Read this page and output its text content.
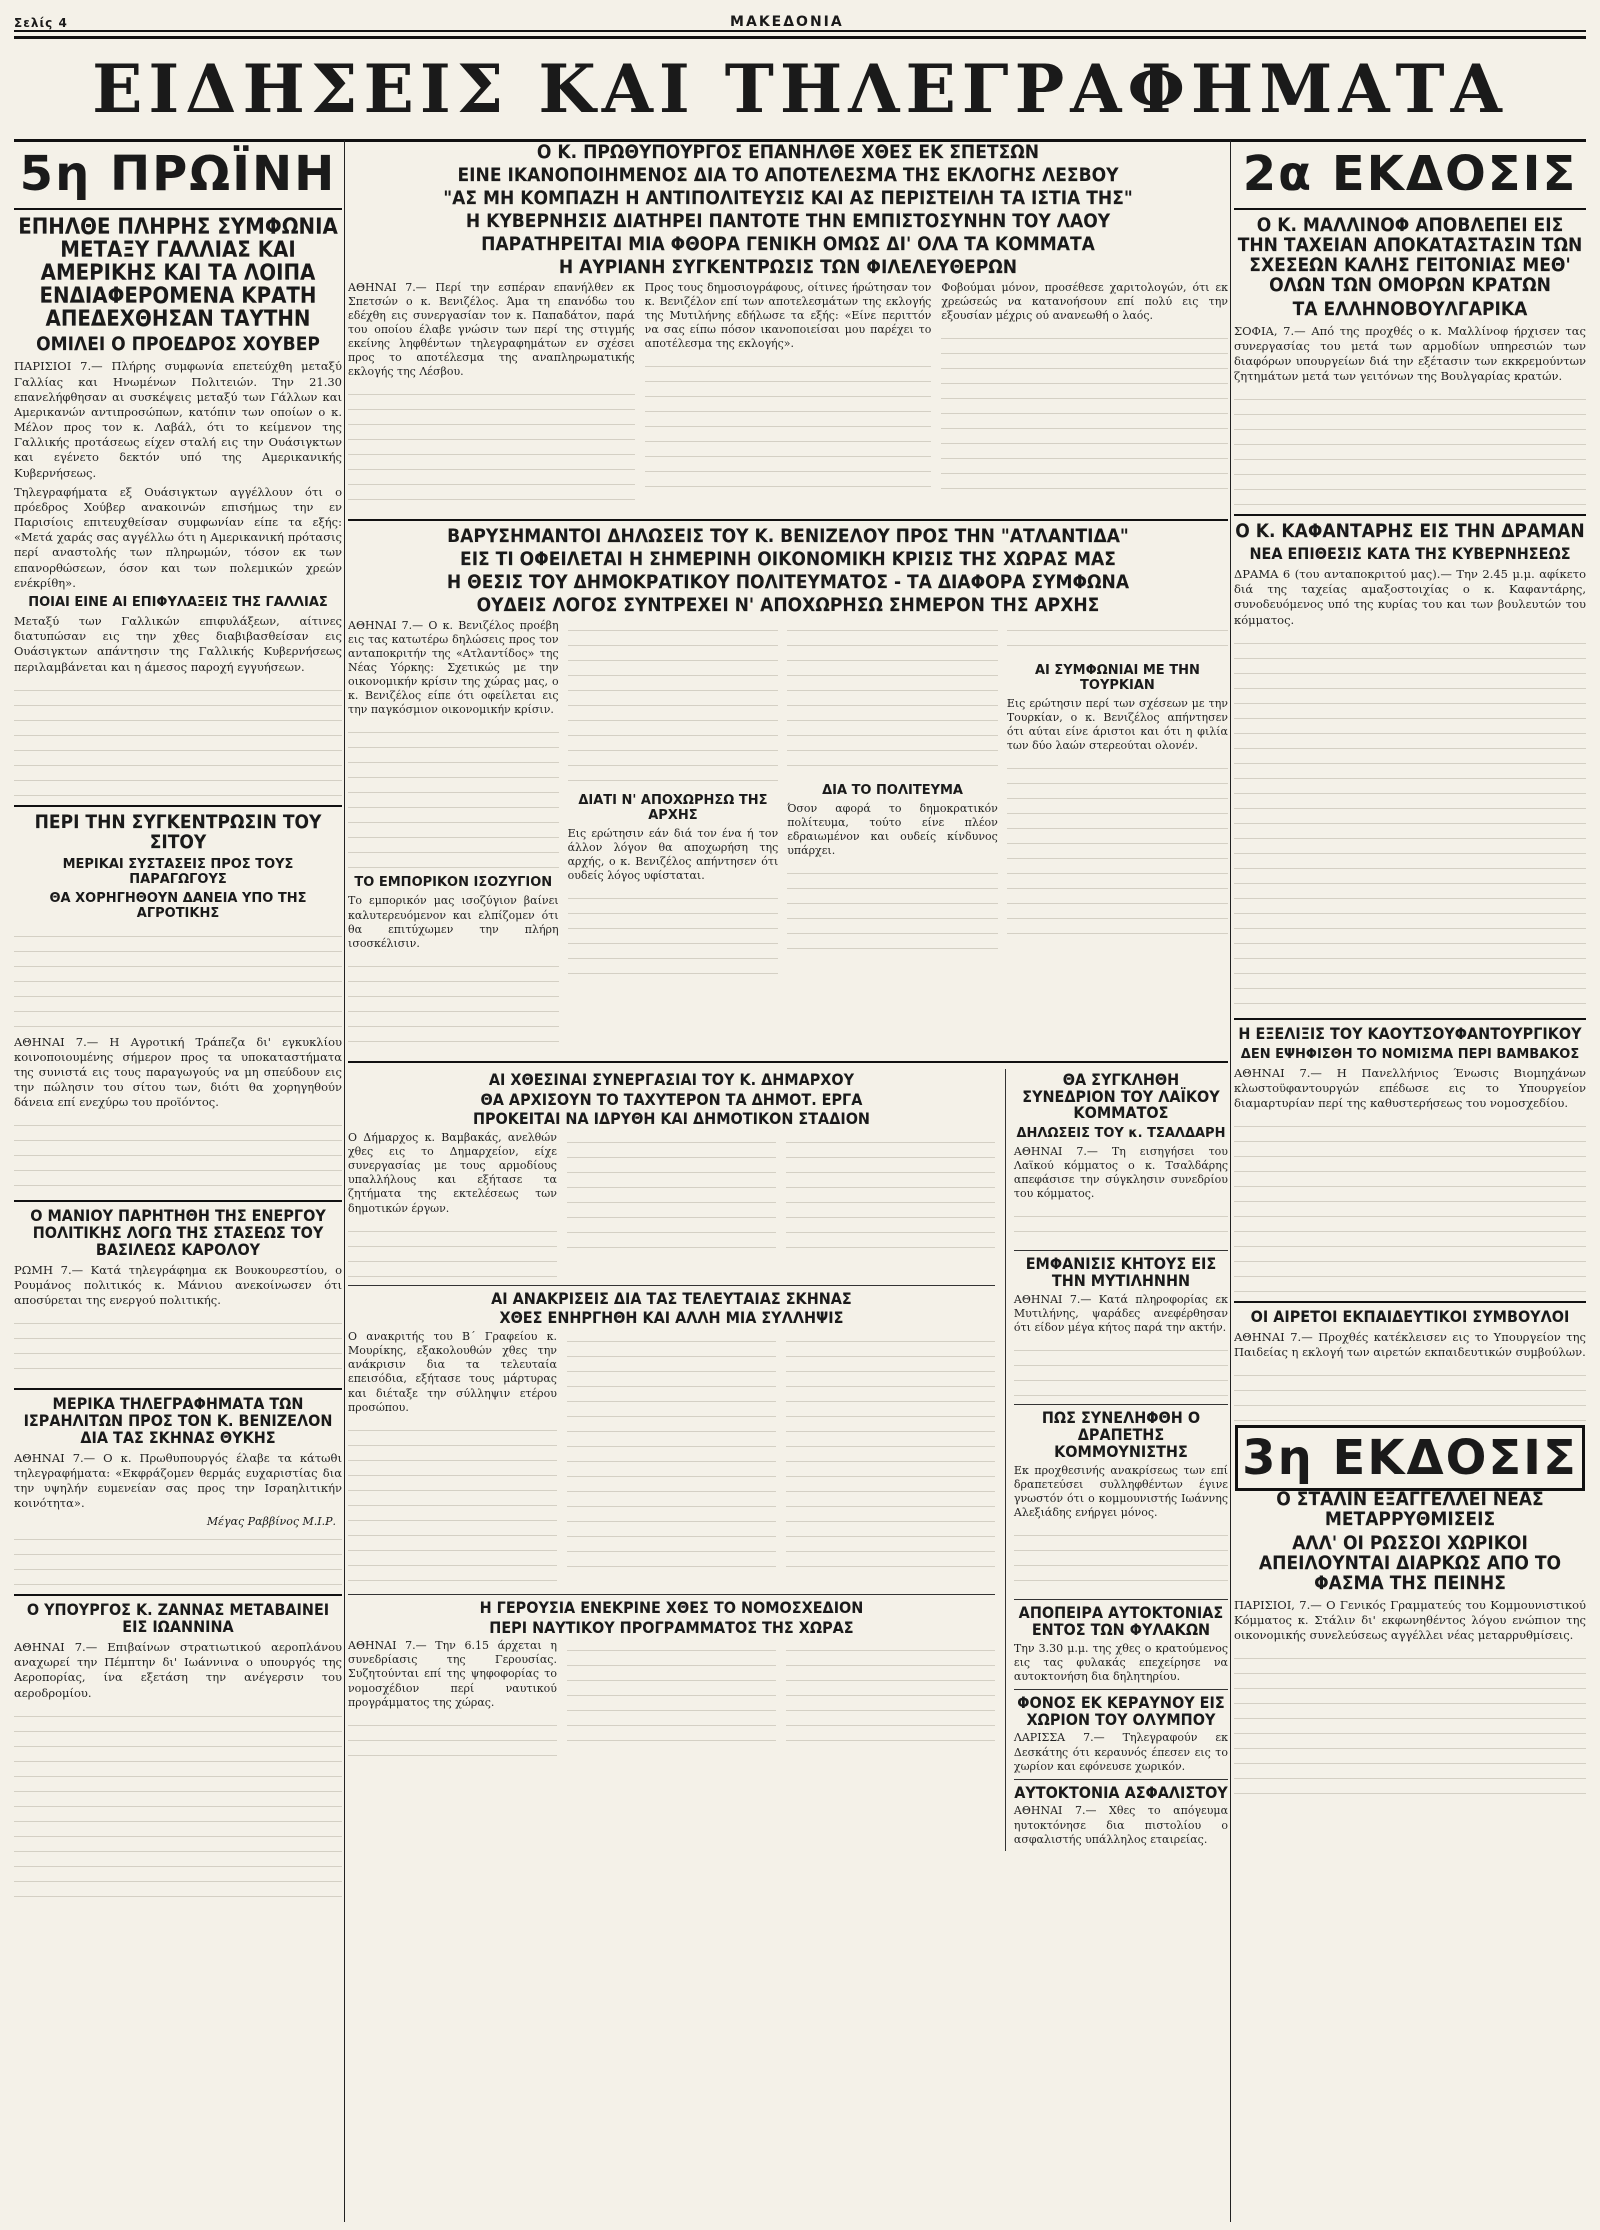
Σελίς 4	ΜΑΚΕΔΟΝΙΑ
ΕΙΔΗΣΕΙΣ ΚΑΙ ΤΗΛΕΓΡΑΦΗΜΑΤΑ
5η ΠΡΩΪΝΗ
ΕΠΗΛΘΕ ΠΛΗΡΗΣ ΣΥΜΦΩΝΙΑ ΜΕΤΑΞΥ ΓΑΛΛΙΑΣ ΚΑΙ ΑΜΕΡΙΚΗΣ ΚΑΙ ΤΑ ΛΟΙΠΑ ΕΝΔΙΑΦΕΡΟΜΕΝΑ ΚΡΑΤΗ ΑΠΕΔΕΧΘΗΣΑΝ ΤΑΥΤΗΝ
ΟΜΙΛΕΙ Ο ΠΡΟΕΔΡΟΣ ΧΟΥΒΕΡ

ΠΑΡΙΣΙΟΙ 7.— Πλήρης συμφωνία επετεύχθη μεταξύ Γαλλίας και Ηνωμένων Πολιτειών. Την 21.30 επανελήφθησαν αι συσκέψεις μεταξύ των Γάλλων και Αμερικανών αντιπροσώπων, κατόπιν των οποίων ο κ. Μέλον προς τον κ. Λαβάλ, ότι το κείμενον της Γαλλικής προτάσεως είχεν σταλή εις την Ουάσιγκτων και εγένετο δεκτόν υπό της Αμερικανικής Κυβερνήσεως.

Τηλεγραφήματα εξ Ουάσιγκτων αγγέλλουν ότι ο πρόεδρος Χούβερ ανακοινών επισήμως την εν Παρισίοις επιτευχθείσαν συμφωνίαν είπε τα εξής: «Μετά χαράς σας αγγέλλω ότι η Αμερικανική πρότασις περί αναστολής των πληρωμών, τόσον εκ των επανορθώσεων, όσον και των πολεμικών χρεών ενέκρίθη».

ΠΟΙΑΙ ΕΙΝΕ ΑΙ ΕΠΙΦΥΛΑΞΕΙΣ ΤΗΣ ΓΑΛΛΙΑΣ

Μεταξύ των Γαλλικών επιφυλάξεων, αίτινες διατυπώσαν εις την χθες διαβιβασθείσαν εις Ουάσιγκτων απάντησιν της Γαλλικής Κυβερνήσεως περιλαμβάνεται και η άμεσος παροχή εγγυήσεων.

ΠΕΡΙ ΤΗΝ ΣΥΓΚΕΝΤΡΩΣΙΝ ΤΟΥ ΣΙΤΟΥ
ΜΕΡΙΚΑΙ ΣΥΣΤΑΣΕΙΣ ΠΡΟΣ ΤΟΥΣ ΠΑΡΑΓΩΓΟΥΣ
ΘΑ ΧΟΡΗΓΗΘΟΥΝ ΔΑΝΕΙΑ ΥΠΟ ΤΗΣ ΑΓΡΟΤΙΚΗΣ

ΑΘΗΝΑΙ 7.— Η Αγροτική Τράπεζα δι' εγκυκλίου κοινοποιουμένης σήμερον προς τα υποκαταστήματα της συνιστά εις τους παραγωγούς να μη σπεύδουν εις την πώλησιν του σίτου των, διότι θα χορηγηθούν δάνεια επί ενεχύρω του προϊόντος.

Ο ΜΑΝΙΟΥ ΠΑΡΗΤΗΘΗ ΤΗΣ ΕΝΕΡΓΟΥ ΠΟΛΙΤΙΚΗΣ ΛΟΓΩ ΤΗΣ ΣΤΑΣΕΩΣ ΤΟΥ ΒΑΣΙΛΕΩΣ ΚΑΡΟΛΟΥ

ΡΩΜΗ 7.— Κατά τηλεγράφημα εκ Βουκουρεστίου, ο Ρουμάνος πολιτικός κ. Μάνιου ανεκοίνωσεν ότι αποσύρεται της ενεργού πολιτικής.

ΜΕΡΙΚΑ ΤΗΛΕΓΡΑΦΗΜΑΤΑ ΤΩΝ ΙΣΡΑΗΛΙΤΩΝ ΠΡΟΣ ΤΟΝ Κ. ΒΕΝΙΖΕΛΟΝ ΔΙΑ ΤΑΣ ΣΚΗΝΑΣ ΘΥΚΗΣ

ΑΘΗΝΑΙ 7.— Ο κ. Πρωθυπουργός έλαβε τα κάτωθι τηλεγραφήματα: «Εκφράζομεν θερμάς ευχαριστίας δια την υψηλήν ευμενείαν σας προς την Ισραηλιτικήν κοινότητα».

Μέγας Ραββίνος Μ.Ι.Ρ.
Ο ΥΠΟΥΡΓΟΣ Κ. ΖΑΝΝΑΣ ΜΕΤΑΒΑΙΝΕΙ ΕΙΣ ΙΩΑΝΝΙΝΑ

ΑΘΗΝΑΙ 7.— Επιβαίνων στρατιωτικού αεροπλάνου αναχωρεί την Πέμπτην δι' Ιωάννινα ο υπουργός της Αεροπορίας, ίνα εξετάση την ανέγερσιν του αεροδρομίου.

Ο Κ. ΠΡΩΘΥΠΟΥΡΓΟΣ ΕΠΑΝΗΛΘΕ ΧΘΕΣ ΕΚ ΣΠΕΤΣΩΝ
ΕΙΝΕ ΙΚΑΝΟΠΟΙΗΜΕΝΟΣ ΔΙΑ ΤΟ ΑΠΟΤΕΛΕΣΜΑ ΤΗΣ ΕΚΛΟΓΗΣ ΛΕΣΒΟΥ
"ΑΣ ΜΗ ΚΟΜΠΑΖΗ Η ΑΝΤΙΠΟΛΙΤΕΥΣΙΣ ΚΑΙ ΑΣ ΠΕΡΙΣΤΕΙΛΗ ΤΑ ΙΣΤΙΑ ΤΗΣ"
Η ΚΥΒΕΡΝΗΣΙΣ ΔΙΑΤΗΡΕΙ ΠΑΝΤΟΤΕ ΤΗΝ ΕΜΠΙΣΤΟΣΥΝΗΝ ΤΟΥ ΛΑΟΥ
ΠΑΡΑΤΗΡΕΙΤΑΙ ΜΙΑ ΦΘΟΡΑ ΓΕΝΙΚΗ ΟΜΩΣ ΔΙ' ΟΛΑ ΤΑ ΚΟΜΜΑΤΑ
Η ΑΥΡΙΑΝΗ ΣΥΓΚΕΝΤΡΩΣΙΣ ΤΩΝ ΦΙΛΕΛΕΥΘΕΡΩΝ

ΑΘΗΝΑΙ 7.— Περί την εσπέραν επανήλθεν εκ Σπετσών ο κ. Βενιζέλος. Άμα τη επανόδω του εδέχθη εις συνεργασίαν τον κ. Παπαδάτον, παρά του οποίου έλαβε γνώσιν των περί της στιγμής εκείνης ληφθέντων τηλεγραφημάτων εν σχέσει προς το αποτέλεσμα της αναπληρωματικής εκλογής της Λέσβου.

Προς τους δημοσιογράφους, οίτινες ήρώτησαν τον κ. Βενιζέλον επί των αποτελεσμάτων της εκλογής της Μυτιλήνης εδήλωσε τα εξής: «Είνε περιττόν να σας είπω πόσον ικανοποιείσαι μου παρέχει το αποτέλεσμα της εκλογής».

Φοβούμαι μόνον, προσέθεσε χαριτολογών, ότι εκ χρεώσεώς να κατανοήσουν επί πολύ εις την εξουσίαν μέχρις ού ανανεωθή ο λαός.

ΒΑΡΥΣΗΜΑΝΤΟΙ ΔΗΛΩΣΕΙΣ ΤΟΥ Κ. ΒΕΝΙΖΕΛΟΥ ΠΡΟΣ ΤΗΝ "ΑΤΛΑΝΤΙΔΑ"
ΕΙΣ ΤΙ ΟΦΕΙΛΕΤΑΙ Η ΣΗΜΕΡΙΝΗ ΟΙΚΟΝΟΜΙΚΗ ΚΡΙΣΙΣ ΤΗΣ ΧΩΡΑΣ ΜΑΣ
Η ΘΕΣΙΣ ΤΟΥ ΔΗΜΟΚΡΑΤΙΚΟΥ ΠΟΛΙΤΕΥΜΑΤΟΣ - ΤΑ ΔΙΑΦΟΡΑ ΣΥΜΦΩΝΑ
ΟΥΔΕΙΣ ΛΟΓΟΣ ΣΥΝΤΡΕΧΕΙ Ν' ΑΠΟΧΩΡΗΣΩ ΣΗΜΕΡΟΝ ΤΗΣ ΑΡΧΗΣ

ΑΘΗΝΑΙ 7.— Ο κ. Βενιζέλος προέβη εις τας κατωτέρω δηλώσεις προς τον ανταποκριτήν της «Ατλαντίδος» της Νέας Υόρκης: Σχετικώς με την οικονομικήν κρίσιν της χώρας μας, ο κ. Βενιζέλος είπε ότι οφείλεται εις την παγκόσμιον οικονομικήν κρίσιν.

ΤΟ ΕΜΠΟΡΙΚΟΝ ΙΣΟΖΥΓΙΟΝ

Το εμπορικόν μας ισοζύγιον βαίνει καλυτερευόμενον και ελπίζομεν ότι θα επιτύχωμεν την πλήρη ισοσκέλισιν.

ΔΙΑΤΙ Ν' ΑΠΟΧΩΡΗΣΩ ΤΗΣ ΑΡΧΗΣ

Εις ερώτησιν εάν διά τον ένα ή τον άλλον λόγον θα αποχωρήση της αρχής, ο κ. Βενιζέλος απήντησεν ότι ουδείς λόγος υφίσταται.

ΔΙΑ ΤΟ ΠΟΛΙΤΕΥΜΑ

Όσον αφορά το δημοκρατικόν πολίτευμα, τούτο είνε πλέον εδραιωμένον και ουδείς κίνδυνος υπάρχει.

ΑΙ ΣΥΜΦΩΝΙΑΙ ΜΕ ΤΗΝ ΤΟΥΡΚΙΑΝ

Εις ερώτησιν περί των σχέσεων με την Τουρκίαν, ο κ. Βενιζέλος απήντησεν ότι αύται είνε άριστοι και ότι η φιλία των δύο λαών στερεούται ολονέν.

ΑΙ ΧΘΕΣΙΝΑΙ ΣΥΝΕΡΓΑΣΙΑΙ ΤΟΥ Κ. ΔΗΜΑΡΧΟΥ
ΘΑ ΑΡΧΙΣΟΥΝ ΤΟ ΤΑΧΥΤΕΡΟΝ ΤΑ ΔΗΜΟΤ. ΕΡΓΑ
ΠΡΟΚΕΙΤΑΙ ΝΑ ΙΔΡΥΘΗ ΚΑΙ ΔΗΜΟΤΙΚΟΝ ΣΤΑΔΙΟΝ

Ο Δήμαρχος κ. Βαμβακάς, ανελθών χθες εις το Δημαρχείον, είχε συνεργασίας με τους αρμοδίους υπαλλήλους και εξήτασε τα ζητήματα της εκτελέσεως των δημοτικών έργων.

ΑΙ ΑΝΑΚΡΙΣΕΙΣ ΔΙΑ ΤΑΣ ΤΕΛΕΥΤΑΙΑΣ ΣΚΗΝΑΣ
ΧΘΕΣ ΕΝΗΡΓΗΘΗ ΚΑΙ ΑΛΛΗ ΜΙΑ ΣΥΛΛΗΨΙΣ

Ο ανακριτής του Β΄ Γραφείου κ. Μουρίκης, εξακολουθών χθες την ανάκρισιν δια τα τελευταία επεισόδια, εξήτασε τους μάρτυρας και διέταξε την σύλληψιν ετέρου προσώπου.

Η ΓΕΡΟΥΣΙΑ ΕΝΕΚΡΙΝΕ ΧΘΕΣ ΤΟ ΝΟΜΟΣΧΕΔΙΟΝ
ΠΕΡΙ ΝΑΥΤΙΚΟΥ ΠΡΟΓΡΑΜΜΑΤΟΣ ΤΗΣ ΧΩΡΑΣ

ΑΘΗΝΑΙ 7.— Την 6.15 άρχεται η συνεδρίασις της Γερουσίας. Συζητούνται επί της ψηφοφορίας το νομοσχέδιον περί ναυτικού προγράμματος της χώρας.

ΘΑ ΣΥΓΚΛΗΘΗ ΣΥΝΕΔΡΙΟΝ ΤΟΥ ΛΑΪΚΟΥ ΚΟΜΜΑΤΟΣ
ΔΗΛΩΣΕΙΣ ΤΟΥ κ. ΤΣΑΛΔΑΡΗ

ΑΘΗΝΑΙ 7.— Τη εισηγήσει του Λαϊκού κόμματος ο κ. Τσαλδάρης απεφάσισε την σύγκλησιν συνεδρίου του κόμματος.

ΕΜΦΑΝΙΣΙΣ ΚΗΤΟΥΣ ΕΙΣ ΤΗΝ ΜΥΤΙΛΗΝΗΝ

ΑΘΗΝΑΙ 7.— Κατά πληροφορίας εκ Μυτιλήνης, ψαράδες ανεφέρθησαν ότι είδον μέγα κήτος παρά την ακτήν.

ΠΩΣ ΣΥΝΕΛΗΦΘΗ Ο ΔΡΑΠΕΤΗΣ ΚΟΜΜΟΥΝΙΣΤΗΣ

Εκ προχθεσινής ανακρίσεως των επί δραπετεύσει συλληφθέντων έγινε γνωστόν ότι ο κομμουνιστής Ιωάννης Αλεξιάδης ενήργει μόνος.

ΑΠΟΠΕΙΡΑ ΑΥΤΟΚΤΟΝΙΑΣ ΕΝΤΟΣ ΤΩΝ ΦΥΛΑΚΩΝ

Την 3.30 μ.μ. της χθες ο κρατούμενος εις τας φυλακάς επεχείρησε να αυτοκτονήση δια δηλητηρίου.

ΦΟΝΟΣ ΕΚ ΚΕΡΑΥΝΟΥ ΕΙΣ ΧΩΡΙΟΝ ΤΟΥ ΟΛΥΜΠΟΥ

ΛΑΡΙΣΣΑ 7.— Τηλεγραφούν εκ Δεσκάτης ότι κεραυνός έπεσεν εις το χωρίον και εφόνευσε χωρικόν.

ΑΥΤΟΚΤΟΝΙΑ ΑΣΦΑΛΙΣΤΟΥ

ΑΘΗΝΑΙ 7.— Χθες το απόγευμα ηυτοκτόνησε δια πιστολίου ο ασφαλιστής υπάλληλος εταιρείας.

2α ΕΚΔΟΣΙΣ
Ο Κ. ΜΑΛΛΙΝΟΦ ΑΠΟΒΛΕΠΕΙ ΕΙΣ ΤΗΝ ΤΑΧΕΙΑΝ ΑΠΟΚΑΤΑΣΤΑΣΙΝ ΤΩΝ ΣΧΕΣΕΩΝ ΚΑΛΗΣ ΓΕΙΤΟΝΙΑΣ ΜΕΘ' ΟΛΩΝ ΤΩΝ ΟΜΟΡΩΝ ΚΡΑΤΩΝ
ΤΑ ΕΛΛΗΝΟΒΟΥΛΓΑΡΙΚΑ

ΣΟΦΙΑ, 7.— Από της προχθές ο κ. Μαλλίνοφ ήρχισεν τας συνεργασίας του μετά των αρμοδίων υπηρεσιών των διαφόρων υπουργείων διά την εξέτασιν των εκκρεμούντων ζητημάτων μετά των γειτόνων της Βουλγαρίας κρατών.

Ο Κ. ΚΑΦΑΝΤΑΡΗΣ ΕΙΣ ΤΗΝ ΔΡΑΜΑΝ
ΝΕΑ ΕΠΙΘΕΣΙΣ ΚΑΤΑ ΤΗΣ ΚΥΒΕΡΝΗΣΕΩΣ

ΔΡΑΜΑ 6 (του ανταποκριτού μας).— Την 2.45 μ.μ. αφίκετο διά της ταχείας αμαξοστοιχίας ο κ. Καφαντάρης, συνοδευόμενος υπό της κυρίας του και των βουλευτών του κόμματος.

Η ΕΞΕΛΙΞΙΣ ΤΟΥ ΚΑΟΥΤΣΟΥΦΑΝΤΟΥΡΓΙΚΟΥ
ΔΕΝ ΕΨΗΦΙΣΘΗ ΤΟ ΝΟΜΙΣΜΑ ΠΕΡΙ ΒΑΜΒΑΚΟΣ

ΑΘΗΝΑΙ 7.— Η Πανελλήνιος Ένωσις Βιομηχάνων κλωστοϋφαντουργών επέδωσε εις το Υπουργείον διαμαρτυρίαν περί της καθυστερήσεως του νομοσχεδίου.

ΟΙ ΑΙΡΕΤΟΙ ΕΚΠΑΙΔΕΥΤΙΚΟΙ ΣΥΜΒΟΥΛΟΙ

ΑΘΗΝΑΙ 7.— Προχθές κατέκλεισεν εις το Υπουργείον της Παιδείας η εκλογή των αιρετών εκπαιδευτικών συμβούλων.

3η ΕΚΔΟΣΙΣ
Ο ΣΤΑΛΙΝ ΕΞΑΓΓΕΛΛΕΙ ΝΕΑΣ ΜΕΤΑΡΡΥΘΜΙΣΕΙΣ
ΑΛΛ' ΟΙ ΡΩΣΣΟΙ ΧΩΡΙΚΟΙ ΑΠΕΙΛΟΥΝΤΑΙ ΔΙΑΡΚΩΣ ΑΠΟ ΤΟ ΦΑΣΜΑ ΤΗΣ ΠΕΙΝΗΣ

ΠΑΡΙΣΙΟΙ, 7.— Ο Γενικός Γραμματεύς του Κομμουνιστικού Κόμματος κ. Στάλιν δι' εκφωνηθέντος λόγου ενώπιον της οικονομικής συνελεύσεως αγγέλλει νέας μεταρρυθμίσεις.
